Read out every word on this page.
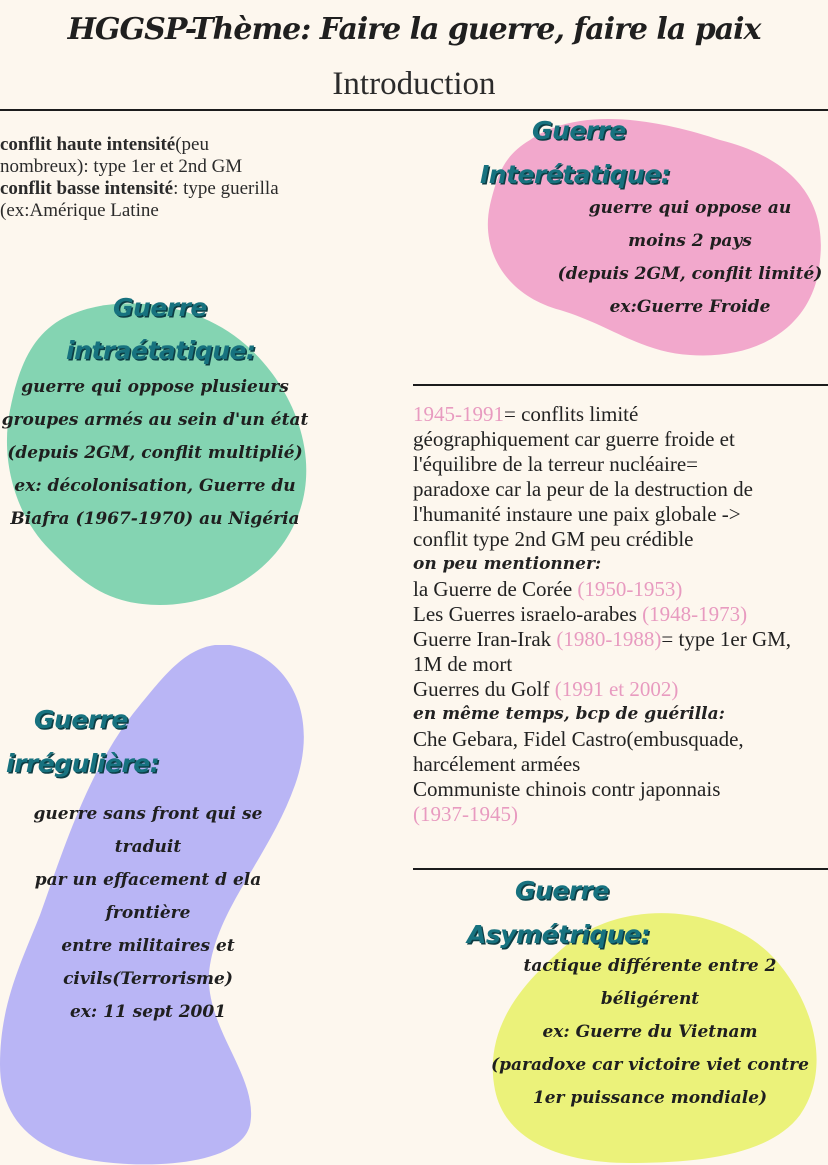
HGGSP-Thème: Faire la guerre, faire la paix
Introduction
conflit haute intensité(peu
nombreux): type 1er et 2nd GM
conflit basse intensité: type guerilla
(ex:Amérique Latine
Guerre
Interétatique:
guerre qui oppose au
moins 2 pays
(depuis 2GM, conflit limité)
ex:Guerre Froide
Guerre
intraétatique:
guerre qui oppose plusieurs
groupes armés au sein d'un état
(depuis 2GM, conflit multiplié)
ex: décolonisation, Guerre du
Biafra (1967-1970) au Nigéria
1945-1991= conflits limité
géographiquement car guerre froide et
l'équilibre de la terreur nucléaire=
paradoxe car la peur de la destruction de
l'humanité instaure une paix globale ->
conflit type 2nd GM peu crédible
on peu mentionner:
la Guerre de Corée (1950-1953)
Les Guerres israelo-arabes (1948-1973)
Guerre Iran-Irak (1980-1988)= type 1er GM,
1M de mort
Guerres du Golf (1991 et 2002)
en même temps, bcp de guérilla:
Che Gebara, Fidel Castro(embusquade,
harcélement armées
Communiste chinois contr japonnais
(1937-1945)
Guerre
irrégulière:
guerre sans front qui se traduit
par un effacement d ela frontière
entre militaires et
civils(Terrorisme)
ex: 11 sept 2001
Guerre
Asymétrique:
tactique différente entre 2
béligérent
ex: Guerre du Vietnam
(paradoxe car victoire viet contre
1er puissance mondiale)
